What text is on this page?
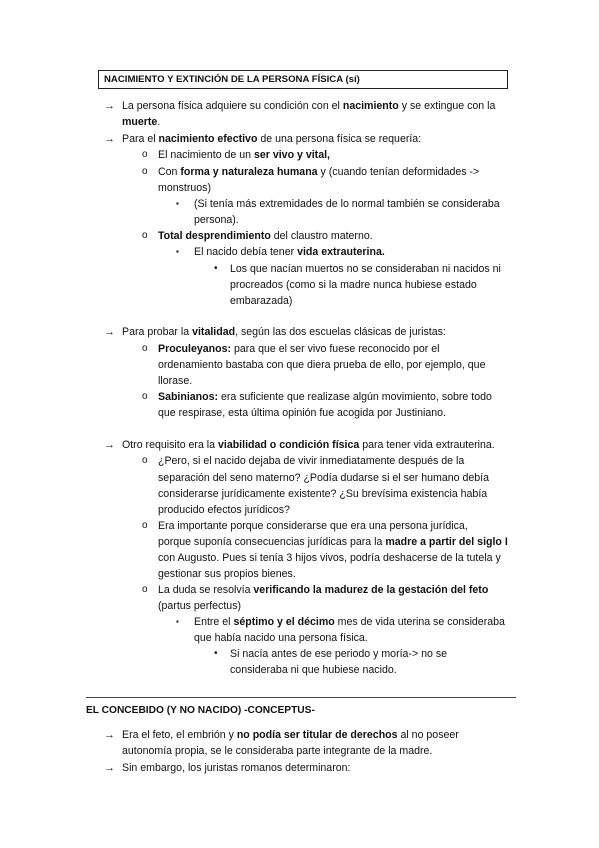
NACIMIENTO Y EXTINCIÓN DE LA PERSONA FÍSICA (sí)
→ La persona física adquiere su condición con el nacimiento y se extingue con la
muerte.
→ Para el nacimiento efectivo de una persona física se requería:
o El nacimiento de un ser vivo y vital,
o Con forma y naturaleza humana y (cuando tenían deformidades ->
monstruos)
▪ (Si tenía más extremidades de lo normal también se consideraba
persona).
o Total desprendimiento del claustro materno.
▪ El nacido debía tener vida extrauterina.
• Los que nacían muertos no se consideraban ni nacidos ni
procreados (como si la madre nunca hubiese estado
embarazada)
→ Para probar la vitalidad, según las dos escuelas clásicas de juristas:
o Proculeyanos: para que el ser vivo fuese reconocido por el
ordenamiento bastaba con que diera prueba de ello, por ejemplo, que
llorase.
o Sabinianos: era suficiente que realizase algún movimiento, sobre todo
que respirase, esta última opinión fue acogida por Justiniano.
→ Otro requisito era la viabilidad o condición física para tener vida extrauterina.
o ¿Pero, si el nacido dejaba de vivir inmediatamente después de la
separación del seno materno? ¿Podía dudarse si el ser humano debía
considerarse jurídicamente existente? ¿Su brevísima existencia había
producido efectos jurídicos?
o Era importante porque considerarse que era una persona jurídica,
porque suponía consecuencias jurídicas para la madre a partir del siglo I
con Augusto. Pues si tenía 3 hijos vivos, podría deshacerse de la tutela y
gestionar sus propios bienes.
o La duda se resolvía verificando la madurez de la gestación del feto
(partus perfectus)
▪ Entre el séptimo y el décimo mes de vida uterina se consideraba
que había nacido una persona física.
• Si nacía antes de ese periodo y moría-> no se
consideraba ni que hubiese nacido.
EL CONCEBIDO (Y NO NACIDO) -CONCEPTUS-
→ Era el feto, el embrión y no podía ser titular de derechos al no poseer
autonomía propia, se le consideraba parte integrante de la madre.
→ Sin embargo, los juristas romanos determinaron:
